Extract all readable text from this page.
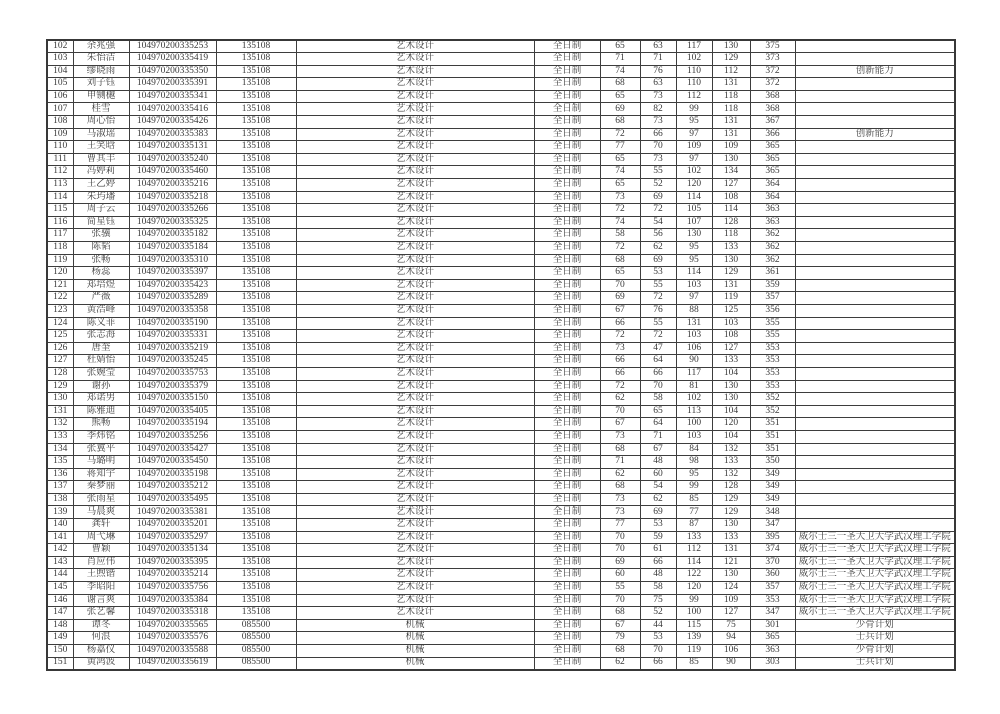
102	余兆强	104970200335253	135108	艺术设计	全日制	65	63	117	130	375	
103	朱怡洁	104970200335419	135108	艺术设计	全日制	71	71	102	129	373	
104	缪晓雨	104970200335350	135108	艺术设计	全日制	74	76	110	112	372	创新能力
105	刘子钰	104970200335391	135108	艺术设计	全日制	68	63	110	131	372	
106	申铡樾	104970200335341	135108	艺术设计	全日制	65	73	112	118	368	
107	桂雪	104970200335416	135108	艺术设计	全日制	69	82	99	118	368	
108	周心怡	104970200335426	135108	艺术设计	全日制	68	73	95	131	367	
109	马淑瑶	104970200335383	135108	艺术设计	全日制	72	66	97	131	366	创新能力
110	王笑晗	104970200335131	135108	艺术设计	全日制	77	70	109	109	365	
111	曹其丰	104970200335240	135108	艺术设计	全日制	65	73	97	130	365	
112	冯婷莉	104970200335460	135108	艺术设计	全日制	74	55	102	134	365	
113	王乙婷	104970200335216	135108	艺术设计	全日制	65	52	120	127	364	
114	朱玙璠	104970200335218	135108	艺术设计	全日制	73	69	114	108	364	
115	周子云	104970200335266	135108	艺术设计	全日制	72	72	105	114	363	
116	简星钰	104970200335325	135108	艺术设计	全日制	74	54	107	128	363	
117	张骥	104970200335182	135108	艺术设计	全日制	58	56	130	118	362	
118	陈韬	104970200335184	135108	艺术设计	全日制	72	62	95	133	362	
119	张畅	104970200335310	135108	艺术设计	全日制	68	69	95	130	362	
120	杨蕊	104970200335397	135108	艺术设计	全日制	65	53	114	129	361	
121	郑培煜	104970200335423	135108	艺术设计	全日制	70	55	103	131	359	
122	严薇	104970200335289	135108	艺术设计	全日制	69	72	97	119	357	
123	黄浩峰	104970200335358	135108	艺术设计	全日制	67	76	88	125	356	
124	陈义菲	104970200335190	135108	艺术设计	全日制	66	55	131	103	355	
125	张志海	104970200335331	135108	艺术设计	全日制	72	72	103	108	355	
126	唐奎	104970200335219	135108	艺术设计	全日制	73	47	106	127	353	
127	杜婧怡	104970200335245	135108	艺术设计	全日制	66	64	90	133	353	
128	张婉莹	104970200335753	135108	艺术设计	全日制	66	66	117	104	353	
129	谢孙	104970200335379	135108	艺术设计	全日制	72	70	81	130	353	
130	郑诺男	104970200335150	135108	艺术设计	全日制	62	58	102	130	352	
131	陈雅迪	104970200335405	135108	艺术设计	全日制	70	65	113	104	352	
132	熊畅	104970200335194	135108	艺术设计	全日制	67	64	100	120	351	
133	季炜铭	104970200335256	135108	艺术设计	全日制	73	71	103	104	351	
134	张冀平	104970200335427	135108	艺术设计	全日制	68	67	84	132	351	
135	马璐明	104970200335450	135108	艺术设计	全日制	71	48	98	133	350	
136	蒋知宇	104970200335198	135108	艺术设计	全日制	62	60	95	132	349	
137	秦梦丽	104970200335212	135108	艺术设计	全日制	68	54	99	128	349	
138	张雨星	104970200335495	135108	艺术设计	全日制	73	62	85	129	349	
139	马晨爽	104970200335381	135108	艺术设计	全日制	73	69	77	129	348	
140	龚轩	104970200335201	135108	艺术设计	全日制	77	53	87	130	347	
141	周弋琳	104970200335297	135108	艺术设计	全日制	70	59	133	133	395	威尔士三一圣大卫大学武汉理工学院
142	曹颖	104970200335134	135108	艺术设计	全日制	70	61	112	131	374	威尔士三一圣大卫大学武汉理工学院
143	肖应伟	104970200335395	135108	艺术设计	全日制	69	66	114	121	370	威尔士三一圣大卫大学武汉理工学院
144	王煦锴	104970200335214	135108	艺术设计	全日制	60	48	122	130	360	威尔士三一圣大卫大学武汉理工学院
145	李昭阳	104970200335756	135108	艺术设计	全日制	55	58	120	124	357	威尔士三一圣大卫大学武汉理工学院
146	谢言爽	104970200335384	135108	艺术设计	全日制	70	75	99	109	353	威尔士三一圣大卫大学武汉理工学院
147	张艺馨	104970200335318	135108	艺术设计	全日制	68	52	100	127	347	威尔士三一圣大卫大学武汉理工学院
148	谭冬	104970200335565	085500	机械	全日制	67	44	115	75	301	少骨计划
149	何浪	104970200335576	085500	机械	全日制	79	53	139	94	365	士兵计划
150	杨嘉仪	104970200335588	085500	机械	全日制	68	70	119	106	363	少骨计划
151	黄鸿波	104970200335619	085500	机械	全日制	62	66	85	90	303	士兵计划
